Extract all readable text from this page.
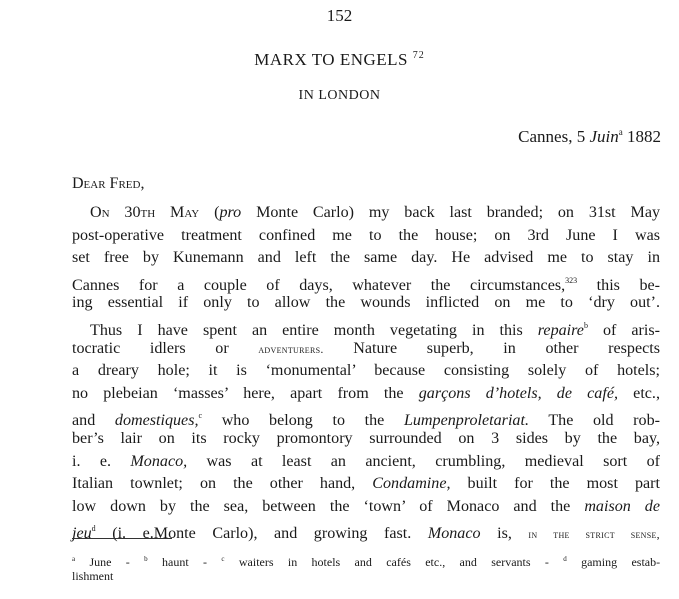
152
MARX TO ENGELS $^{72}$
IN LONDON
Cannes, 5 Juin$^a$ 1882
Dear Fred,
On 30th May (pro Monte Carlo) my back last branded; on 31st May
post-operative treatment confined me to the house; on 3rd June I was
set free by Kunemann and left the same day. He advised me to stay in
Cannes for a couple of days, whatever the circumstances,$^{323}$ this be-
ing essential if only to allow the wounds inflicted on me to ‘dry out’.
Thus I have spent an entire month vegetating in this repaire$^b$ of aris-
tocratic idlers or adventurers. Nature superb, in other respects
a dreary hole; it is ‘monumental’ because consisting solely of hotels;
no plebeian ‘masses’ here, apart from the garçons d’hotels, de café, etc.,
and domestiques,$^c$ who belong to the Lumpenproletariat. The old rob-
ber’s lair on its rocky promontory surrounded on 3 sides by the bay,
i. e. Monaco, was at least an ancient, crumbling, medieval sort of
Italian townlet; on the other hand, Condamine, built for the most part
low down by the sea, between the ‘town’ of Monaco and the maison de
jeu$^d$ (i. e.Monte Carlo), and growing fast. Monaco is, in the strict sense,
$^a$ June - $^b$ haunt - $^c$ waiters in hotels and cafés etc., and servants - $^d$ gaming estab-
lishment
